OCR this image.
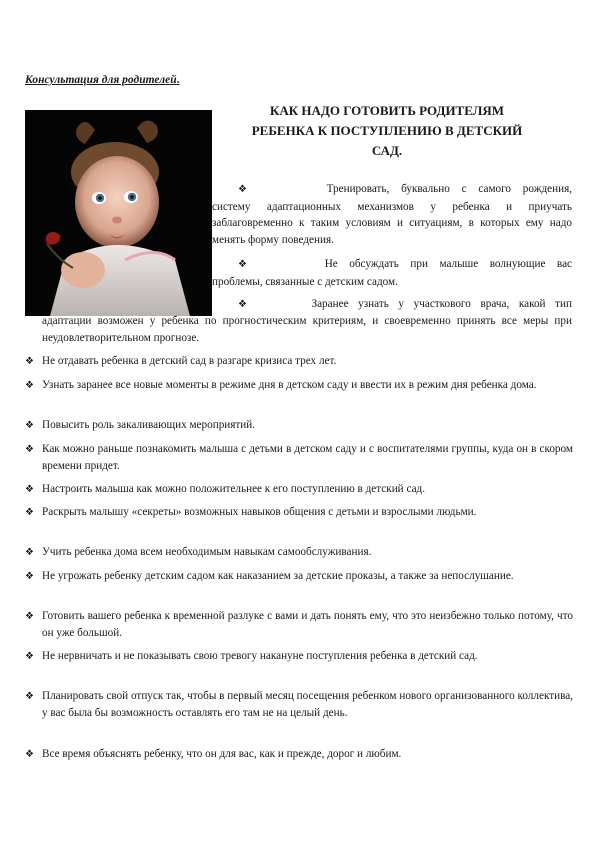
Консультация для родителей.
КАК НАДО ГОТОВИТЬ РОДИТЕЛЯМ
РЕБЕНКА К ПОСТУПЛЕНИЮ В ДЕТСКИЙ
САД.
❖	Тренировать, буквально с самого рождения,
систему адаптационных механизмов у ребенка и приучать заблаговременно к таким условиям и ситуациям, в которых ему надо менять форму поведения.
❖	Не обсуждать при малыше волнующие вас
проблемы, связанные с детским садом.
❖	Заранее узнать у участкового врача, какой тип
адаптации возможен у ребенка по прогностическим критериям, и своевременно принять все меры при неудовлетворительном прогнозе.
❖ Не отдавать ребенка в детский сад в разгаре кризиса трех лет.
❖ Узнать заранее все новые моменты в режиме дня в детском саду и ввести их в режим дня ребенка дома.
❖ Повысить роль закаливающих мероприятий.
❖ Как можно раньше познакомить малыша с детьми в детском саду и с воспитателями группы, куда он в скором времени придет.
❖ Настроить малыша как можно положительнее к его поступлению в детский сад.
❖ Раскрыть малышу «секреты» возможных навыков общения с детьми и взрослыми людьми.
❖ Учить ребенка дома всем необходимым навыкам самообслуживания.
❖ Не угрожать ребенку детским садом как наказанием за детские проказы, а также за непослушание.
❖ Готовить вашего ребенка к временной разлуке с вами и дать понять ему, что это неизбежно только потому, что он уже большой.
❖ Не нервничать и не показывать свою тревогу накануне поступления ребенка в детский сад.
❖ Планировать свой отпуск так, чтобы в первый месяц посещения ребенком нового организованного коллектива, у вас была бы возможность оставлять его там не на целый день.
❖ Все время объяснять ребенку, что он для вас, как и прежде, дорог и любим.
